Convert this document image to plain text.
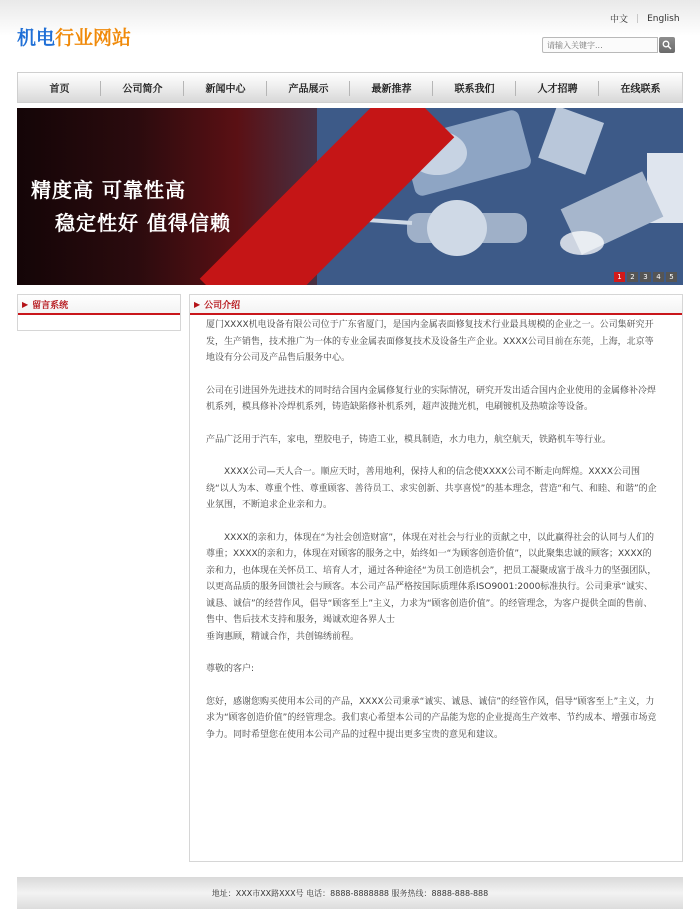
机电行业网站
中文 | English
请输入关键字...
首页	公司简介	新闻中心	产品展示	最新推荐	联系我们	人才招聘	在线联系
精度高 可靠性高
稳定性好 值得信赖
1	2	3	4	5
▶ 留言系统	▶ 公司介绍

厦门XXXX机电设备有限公司位于广东省厦门，是国内金属表面修复技术行业最具规模的企业之一。公司集研究开发，生产销售，技术推广为一体的专业金属表面修复技术及设备生产企业。XXXX公司目前在东莞，上海，北京等地设有分公司及产品售后服务中心。

公司在引进国外先进技术的同时结合国内金属修复行业的实际情况，研究开发出适合国内企业使用的金属修补冷焊机系列，模具修补冷焊机系列，铸造缺陷修补机系列，超声波抛光机，电刷镀机及热喷涂等设备。

产品广泛用于汽车，家电，塑胶电子，铸造工业，模具制造，水力电力，航空航天，铁路机车等行业。

　　XXXX公司—天人合一。顺应天时，善用地利，保持人和的信念使XXXX公司不断走向辉煌。XXXX公司围绕“以人为本、尊重个性、尊重顾客、善待员工、求实创新、共享喜悦”的基本理念，营造“和气、和睦、和谐”的企业氛围，不断追求企业亲和力。

　　XXXX的亲和力，体现在“为社会创造财富”，体现在对社会与行业的贡献之中，以此赢得社会的认同与人们的尊重；XXXX的亲和力，体现在对顾客的服务之中，始终如一“为顾客创造价值”，以此聚集忠诚的顾客；XXXX的亲和力，也体现在关怀员工、培育人才，通过各种途径“为员工创造机会”，把员工凝聚成富于战斗力的坚强团队，以更高品质的服务回馈社会与顾客。本公司产品严格按国际质理体系ISO9001:2000标准执行。公司秉承“诚实、诚恳、诚信”的经营作风，倡导“顾客至上”主义，力求为“顾客创造价值”。的经管理念，为客户提供全面的售前、售中、售后技术支持和服务，竭诚欢迎各界人士
垂询惠顾，精诚合作，共创锦绣前程。

尊敬的客户:

您好，感谢您购买使用本公司的产品，XXXX公司秉承“诚实、诚恳、诚信”的经管作风，倡导“顾客至上”主义，力求为“顾客创造价值”的经管理念。我们衷心希望本公司的产品能为您的企业提高生产效率、节约成本、增强市场竞争力。同时希望您在使用本公司产品的过程中提出更多宝贵的意见和建议。

地址：XXX市XX路XXX号 电话：8888-8888888 服务热线：8888-888-888
